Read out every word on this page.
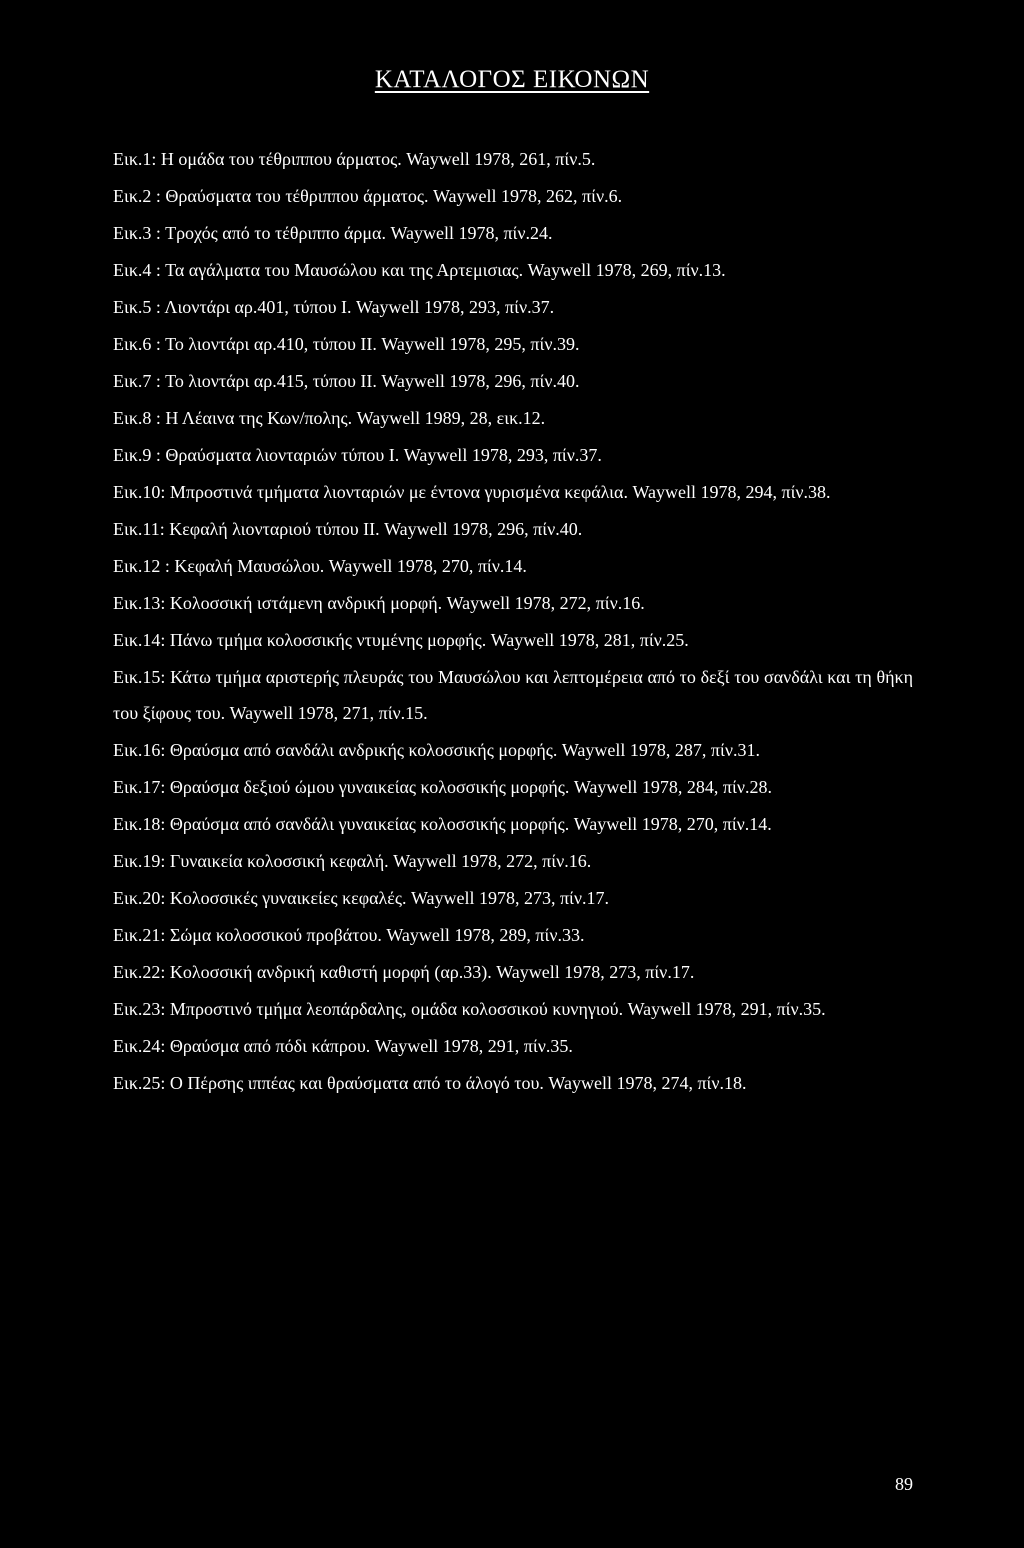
ΚΑΤΑΛΟΓΟΣ ΕΙΚΟΝΩΝ

Εικ.1: Η ομάδα του τέθριππου άρματος. Waywell 1978, 261, πίν.5.

Εικ.2 : Θραύσματα του τέθριππου άρματος. Waywell 1978, 262, πίν.6.

Εικ.3 : Τροχός από το τέθριππο άρμα. Waywell 1978, πίν.24.

Εικ.4 : Τα αγάλματα του Μαυσώλου και της Αρτεμισιας. Waywell 1978, 269, πίν.13.

Εικ.5 : Λιοντάρι αρ.401, τύπου Ι. Waywell 1978, 293, πίν.37.

Εικ.6 : Το λιοντάρι αρ.410, τύπου ΙΙ. Waywell 1978, 295, πίν.39.

Εικ.7 : Το λιοντάρι αρ.415, τύπου ΙΙ. Waywell 1978, 296, πίν.40.

Εικ.8 : Η Λέαινα της Κων/πολης. Waywell 1989, 28, εικ.12.

Εικ.9 : Θραύσματα λιονταριών τύπου Ι. Waywell 1978, 293, πίν.37.

Εικ.10: Μπροστινά τμήματα λιονταριών με έντονα γυρισμένα κεφάλια. Waywell 1978, 294, πίν.38.

Εικ.11: Κεφαλή λιονταριού τύπου ΙΙ. Waywell 1978, 296, πίν.40.

Εικ.12 : Κεφαλή Μαυσώλου. Waywell 1978, 270, πίν.14.

Εικ.13: Κολοσσική ιστάμενη ανδρική μορφή. Waywell 1978, 272, πίν.16.

Εικ.14: Πάνω τμήμα κολοσσικής ντυμένης μορφής. Waywell 1978, 281, πίν.25.

Εικ.15: Κάτω τμήμα αριστερής πλευράς του Μαυσώλου και λεπτομέρεια από το δεξί του σανδάλι και τη θήκη του ξίφους του. Waywell 1978, 271, πίν.15.

Εικ.16: Θραύσμα από σανδάλι ανδρικής κολοσσικής μορφής. Waywell 1978, 287, πίν.31.

Εικ.17: Θραύσμα δεξιού ώμου γυναικείας κολοσσικής μορφής. Waywell 1978, 284, πίν.28.

Εικ.18: Θραύσμα από σανδάλι γυναικείας κολοσσικής μορφής. Waywell 1978, 270, πίν.14.

Εικ.19: Γυναικεία κολοσσική κεφαλή. Waywell 1978, 272, πίν.16.

Εικ.20: Κολοσσικές γυναικείες κεφαλές. Waywell 1978, 273, πίν.17.

Εικ.21: Σώμα κολοσσικού προβάτου. Waywell 1978, 289, πίν.33.

Εικ.22: Κολοσσική ανδρική καθιστή μορφή (αρ.33). Waywell 1978, 273, πίν.17.

Εικ.23: Μπροστινό τμήμα λεοπάρδαλης, ομάδα κολοσσικού κυνηγιού. Waywell 1978, 291, πίν.35.

Εικ.24: Θραύσμα από πόδι κάπρου. Waywell 1978, 291, πίν.35.

Εικ.25: Ο Πέρσης ιππέας και θραύσματα από το άλογό του. Waywell 1978, 274, πίν.18.

89
